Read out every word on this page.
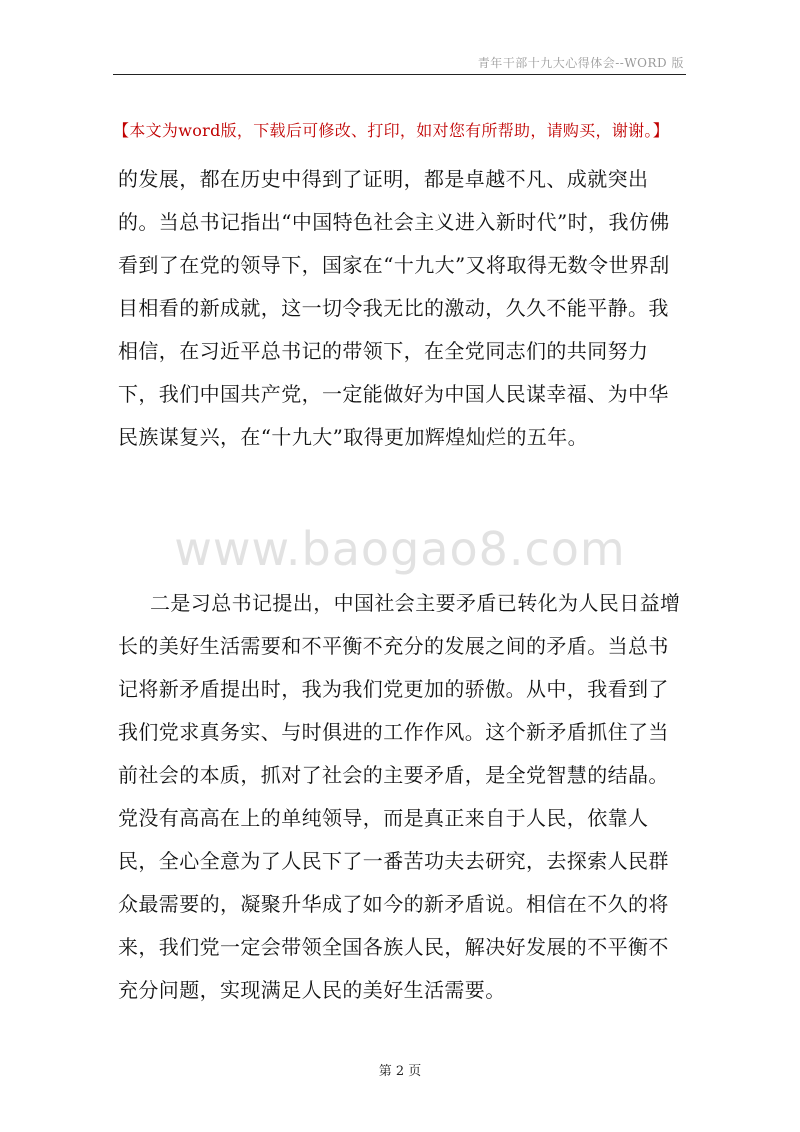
青年干部十九大心得体会--WORD 版
【本文为word版，下载后可修改、打印，如对您有所帮助，请购买，谢谢。】

的发展，都在历史中得到了证明，都是卓越不凡、成就突出的。当总书记指出“中国特色社会主义进入新时代”时，我仿佛看到了在党的领导下，国家在“十九大”又将取得无数令世界刮目相看的新成就，这一切令我无比的激动，久久不能平静。我相信，在习近平总书记的带领下，在全党同志们的共同努力下，我们中国共产党，一定能做好为中国人民谋幸福、为中华民族谋复兴，在“十九大”取得更加辉煌灿烂的五年。

www.baogao8.com

二是习总书记提出，中国社会主要矛盾已转化为人民日益增长的美好生活需要和不平衡不充分的发展之间的矛盾。当总书记将新矛盾提出时，我为我们党更加的骄傲。从中，我看到了我们党求真务实、与时俱进的工作作风。这个新矛盾抓住了当前社会的本质，抓对了社会的主要矛盾，是全党智慧的结晶。党没有高高在上的单纯领导，而是真正来自于人民，依靠人民，全心全意为了人民下了一番苦功夫去研究，去探索人民群众最需要的，凝聚升华成了如今的新矛盾说。相信在不久的将来，我们党一定会带领全国各族人民，解决好发展的不平衡不充分问题，实现满足人民的美好生活需要。

第 2 页
